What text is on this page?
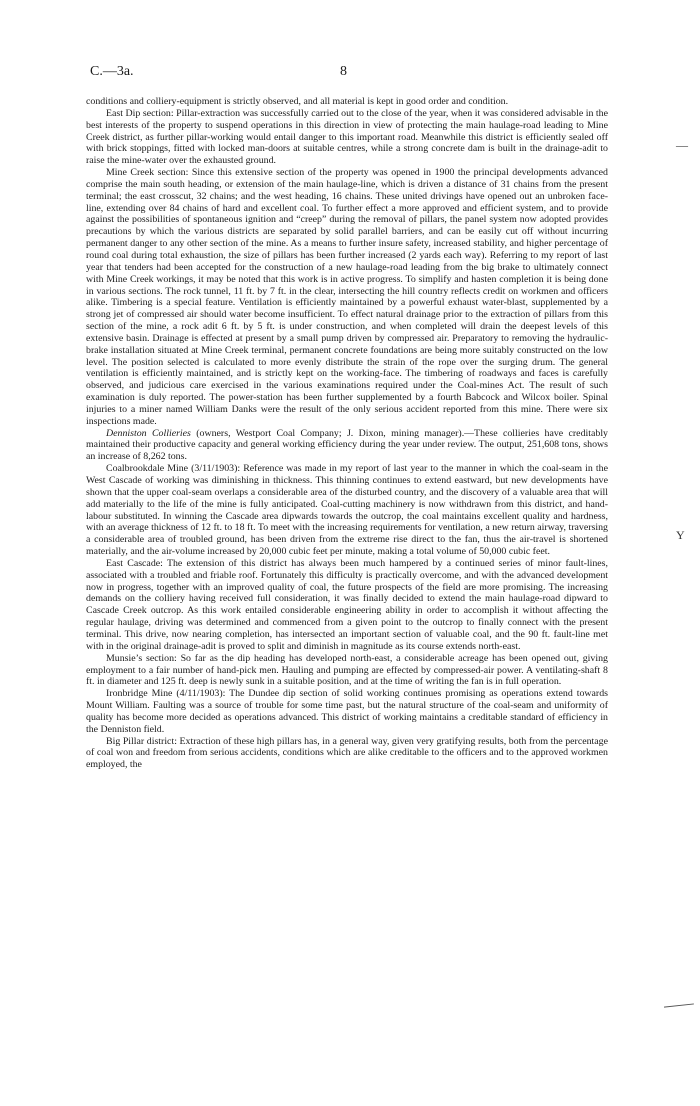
C.—3a.	8

conditions and colliery-equipment is strictly observed, and all material is kept in good order and condition.

East Dip section: Pillar-extraction was successfully carried out to the close of the year, when it was considered advisable in the best interests of the property to suspend operations in this direction in view of protecting the main haulage-road leading to Mine Creek district, as further pillar-working would entail danger to this important road. Meanwhile this district is efficiently sealed off with brick stoppings, fitted with locked man-doors at suitable centres, while a strong concrete dam is built in the drainage-adit to raise the mine-water over the exhausted ground.

Mine Creek section: Since this extensive section of the property was opened in 1900 the principal developments advanced comprise the main south heading, or extension of the main haulage-line, which is driven a distance of 31 chains from the present terminal; the east crosscut, 32 chains; and the west heading, 16 chains. These united drivings have opened out an unbroken face-line, extending over 84 chains of hard and excellent coal. To further effect a more approved and efficient system, and to provide against the possibilities of spontaneous ignition and “creep” during the removal of pillars, the panel system now adopted provides precautions by which the various districts are separated by solid parallel barriers, and can be easily cut off without incurring permanent danger to any other section of the mine. As a means to further insure safety, increased stability, and higher percentage of round coal during total exhaustion, the size of pillars has been further increased (2 yards each way). Referring to my report of last year that tenders had been accepted for the construction of a new haulage-road leading from the big brake to ultimately connect with Mine Creek workings, it may be noted that this work is in active progress. To simplify and hasten completion it is being done in various sections. The rock tunnel, 11 ft. by 7 ft. in the clear, intersecting the hill country reflects credit on workmen and officers alike. Timbering is a special feature. Ventilation is efficiently maintained by a powerful exhaust water-blast, supplemented by a strong jet of compressed air should water become insufficient. To effect natural drainage prior to the extraction of pillars from this section of the mine, a rock adit 6 ft. by 5 ft. is under construction, and when completed will drain the deepest levels of this extensive basin. Drainage is effected at present by a small pump driven by compressed air. Preparatory to removing the hydraulic-brake installation situated at Mine Creek terminal, permanent concrete foundations are being more suitably constructed on the low level. The position selected is calculated to more evenly distribute the strain of the rope over the surging drum. The general ventilation is efficiently maintained, and is strictly kept on the working-face. The timbering of roadways and faces is carefully observed, and judicious care exercised in the various examinations required under the Coal-mines Act. The result of such examination is duly reported. The power-station has been further supplemented by a fourth Babcock and Wilcox boiler. Spinal injuries to a miner named William Danks were the result of the only serious accident reported from this mine. There were six inspections made.

Denniston Collieries (owners, Westport Coal Company; J. Dixon, mining manager).—These collieries have creditably maintained their productive capacity and general working efficiency during the year under review. The output, 251,608 tons, shows an increase of 8,262 tons.

Coalbrookdale Mine (3/11/1903): Reference was made in my report of last year to the manner in which the coal-seam in the West Cascade of working was diminishing in thickness. This thinning continues to extend eastward, but new developments have shown that the upper coal-seam overlaps a considerable area of the disturbed country, and the discovery of a valuable area that will add materially to the life of the mine is fully anticipated. Coal-cutting machinery is now withdrawn from this district, and hand-labour substituted. In winning the Cascade area dipwards towards the outcrop, the coal maintains excellent quality and hardness, with an average thickness of 12 ft. to 18 ft. To meet with the increasing requirements for ventilation, a new return airway, traversing a considerable area of troubled ground, has been driven from the extreme rise direct to the fan, thus the air-travel is shortened materially, and the air-volume increased by 20,000 cubic feet per minute, making a total volume of 50,000 cubic feet.

East Cascade: The extension of this district has always been much hampered by a continued series of minor fault-lines, associated with a troubled and friable roof. Fortunately this difficulty is practically overcome, and with the advanced development now in progress, together with an improved quality of coal, the future prospects of the field are more promising. The increasing demands on the colliery having received full consideration, it was finally decided to extend the main haulage-road dipward to Cascade Creek outcrop. As this work entailed considerable engineering ability in order to accomplish it without affecting the regular haulage, driving was determined and commenced from a given point to the outcrop to finally connect with the present terminal. This drive, now nearing completion, has intersected an important section of valuable coal, and the 90 ft. fault-line met with in the original drainage-adit is proved to split and diminish in magnitude as its course extends north-east.

Munsie’s section: So far as the dip heading has developed north-east, a considerable acreage has been opened out, giving employment to a fair number of hand-pick men. Hauling and pumping are effected by compressed-air power. A ventilating-shaft 8 ft. in diameter and 125 ft. deep is newly sunk in a suitable position, and at the time of writing the fan is in full operation.

Ironbridge Mine (4/11/1903): The Dundee dip section of solid working continues promising as operations extend towards Mount William. Faulting was a source of trouble for some time past, but the natural structure of the coal-seam and uniformity of quality has become more decided as operations advanced. This district of working maintains a creditable standard of efficiency in the Denniston field.

Big Pillar district: Extraction of these high pillars has, in a general way, given very gratifying results, both from the percentage of coal won and freedom from serious accidents, conditions which are alike creditable to the officers and to the approved workmen employed, the

—
Y
